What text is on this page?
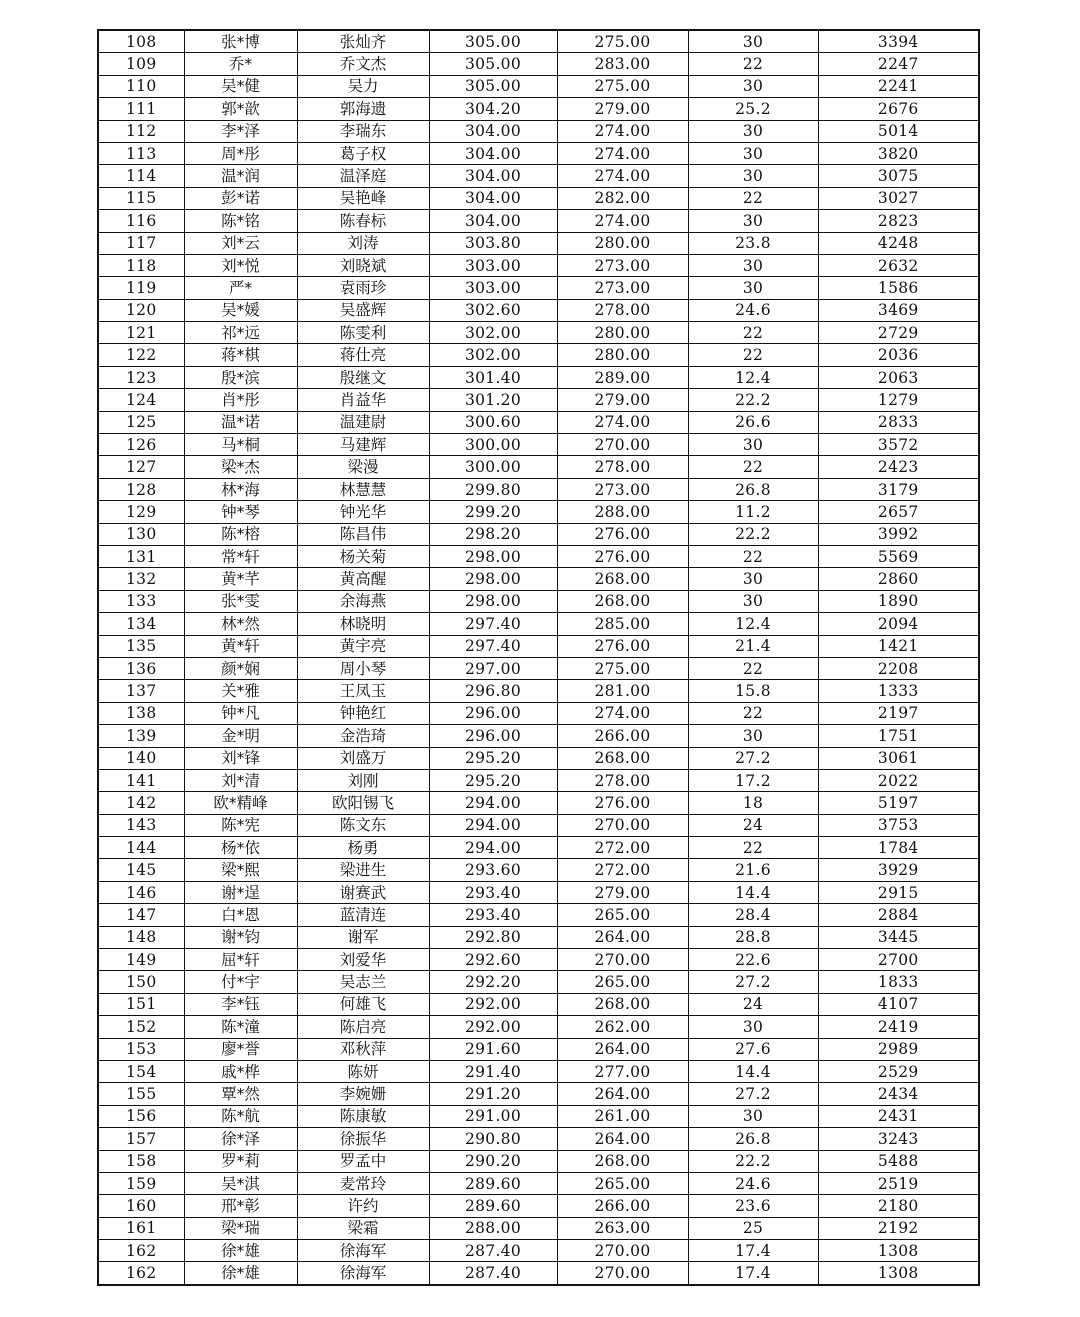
108	张*博	张灿齐	305.00	275.00	30	3394
109	乔*	乔文杰	305.00	283.00	22	2247
110	吴*健	吴力	305.00	275.00	30	2241
111	郭*歆	郭海遗	304.20	279.00	25.2	2676
112	李*泽	李瑞东	304.00	274.00	30	5014
113	周*彤	葛子权	304.00	274.00	30	3820
114	温*润	温泽庭	304.00	274.00	30	3075
115	彭*诺	吴艳峰	304.00	282.00	22	3027
116	陈*铭	陈春标	304.00	274.00	30	2823
117	刘*云	刘涛	303.80	280.00	23.8	4248
118	刘*悦	刘晓斌	303.00	273.00	30	2632
119	严*	袁雨珍	303.00	273.00	30	1586
120	吴*媛	吴盛辉	302.60	278.00	24.6	3469
121	祁*远	陈雯利	302.00	280.00	22	2729
122	蒋*棋	蒋仕亮	302.00	280.00	22	2036
123	殷*滨	殷继文	301.40	289.00	12.4	2063
124	肖*彤	肖益华	301.20	279.00	22.2	1279
125	温*诺	温建尉	300.60	274.00	26.6	2833
126	马*桐	马建辉	300.00	270.00	30	3572
127	梁*杰	梁漫	300.00	278.00	22	2423
128	林*海	林慧慧	299.80	273.00	26.8	3179
129	钟*琴	钟光华	299.20	288.00	11.2	2657
130	陈*榕	陈昌伟	298.20	276.00	22.2	3992
131	常*轩	杨关菊	298.00	276.00	22	5569
132	黄*芊	黄高醒	298.00	268.00	30	2860
133	张*雯	余海燕	298.00	268.00	30	1890
134	林*然	林晓明	297.40	285.00	12.4	2094
135	黄*轩	黄宇亮	297.40	276.00	21.4	1421
136	颜*娴	周小琴	297.00	275.00	22	2208
137	关*雅	王凤玉	296.80	281.00	15.8	1333
138	钟*凡	钟艳红	296.00	274.00	22	2197
139	金*明	金浩琦	296.00	266.00	30	1751
140	刘*锋	刘盛万	295.20	268.00	27.2	3061
141	刘*清	刘刚	295.20	278.00	17.2	2022
142	欧*精峰	欧阳锡飞	294.00	276.00	18	5197
143	陈*宪	陈文东	294.00	270.00	24	3753
144	杨*依	杨勇	294.00	272.00	22	1784
145	梁*熙	梁进生	293.60	272.00	21.6	3929
146	谢*逞	谢赛武	293.40	279.00	14.4	2915
147	白*恩	蓝清连	293.40	265.00	28.4	2884
148	谢*钧	谢军	292.80	264.00	28.8	3445
149	屈*轩	刘爱华	292.60	270.00	22.6	2700
150	付*宇	吴志兰	292.20	265.00	27.2	1833
151	李*钰	何雄飞	292.00	268.00	24	4107
152	陈*潼	陈启亮	292.00	262.00	30	2419
153	廖*誉	邓秋萍	291.60	264.00	27.6	2989
154	戚*桦	陈妍	291.40	277.00	14.4	2529
155	覃*然	李婉姗	291.20	264.00	27.2	2434
156	陈*航	陈康敏	291.00	261.00	30	2431
157	徐*泽	徐振华	290.80	264.00	26.8	3243
158	罗*莉	罗孟中	290.20	268.00	22.2	5488
159	吴*淇	麦常玲	289.60	265.00	24.6	2519
160	邢*彰	许约	289.60	266.00	23.6	2180
161	梁*瑞	梁霜	288.00	263.00	25	2192
162	徐*雄	徐海军	287.40	270.00	17.4	1308
162	徐*雄	徐海军	287.40	270.00	17.4	1308
